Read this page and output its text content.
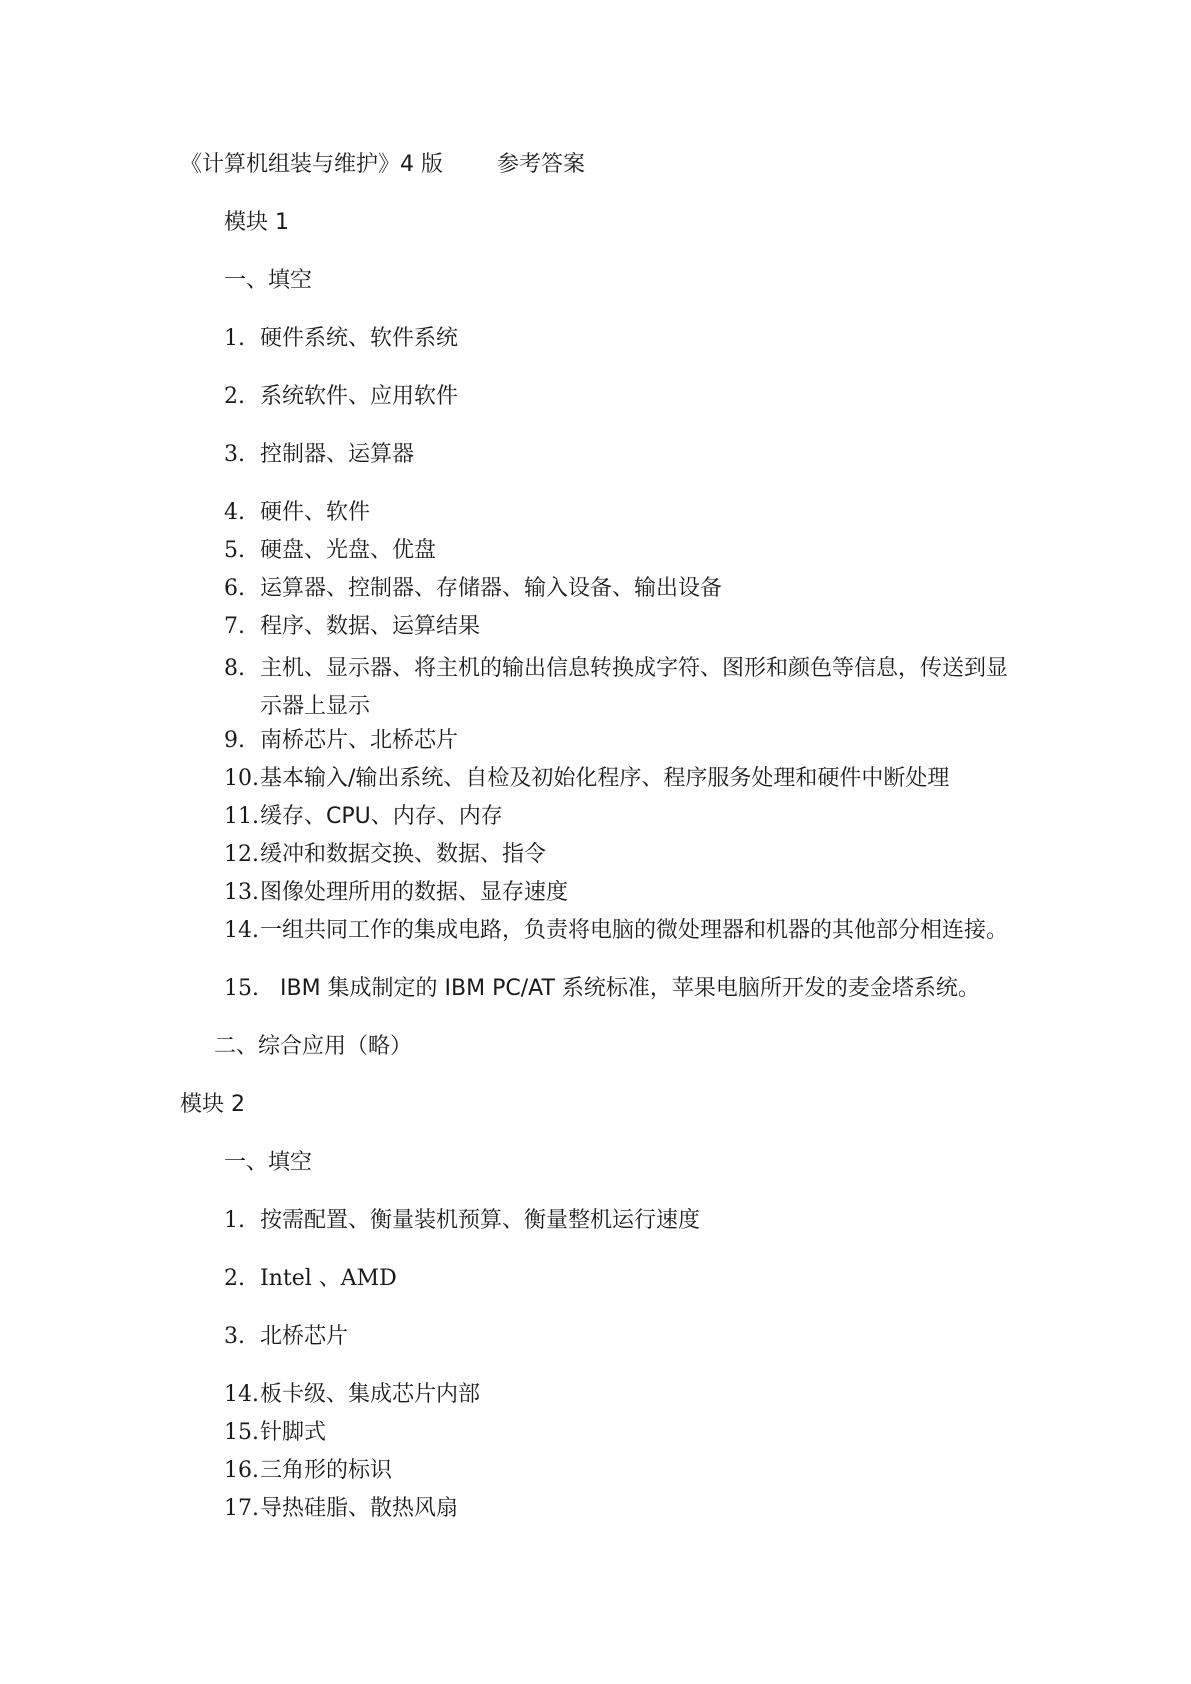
《计算机组装与维护》4 版 参考答案
模块 1
一、填空
1. 硬件系统、软件系统
2. 系统软件、应用软件
3. 控制器、运算器
4. 硬件、软件
5. 硬盘、光盘、优盘
6. 运算器、控制器、存储器、输入设备、输出设备
7. 程序、数据、运算结果
8. 主机、显示器、将主机的输出信息转换成字符、图形和颜色等信息，传送到显示器上显示
9. 南桥芯片、北桥芯片
10. 基本输入/输出系统、自检及初始化程序、程序服务处理和硬件中断处理
11. 缓存、CPU、内存、内存
12. 缓冲和数据交换、数据、指令
13. 图像处理所用的数据、显存速度
14. 一组共同工作的集成电路，负责将电脑的微处理器和机器的其他部分相连接。
15. IBM 集成制定的 IBM PC/AT 系统标准，苹果电脑所开发的麦金塔系统。
二、综合应用（略）
模块 2
一、填空
1. 按需配置、衡量装机预算、衡量整机运行速度
2. Intel 、AMD
3. 北桥芯片
14. 板卡级、集成芯片内部
15. 针脚式
16. 三角形的标识
17. 导热硅脂、散热风扇
